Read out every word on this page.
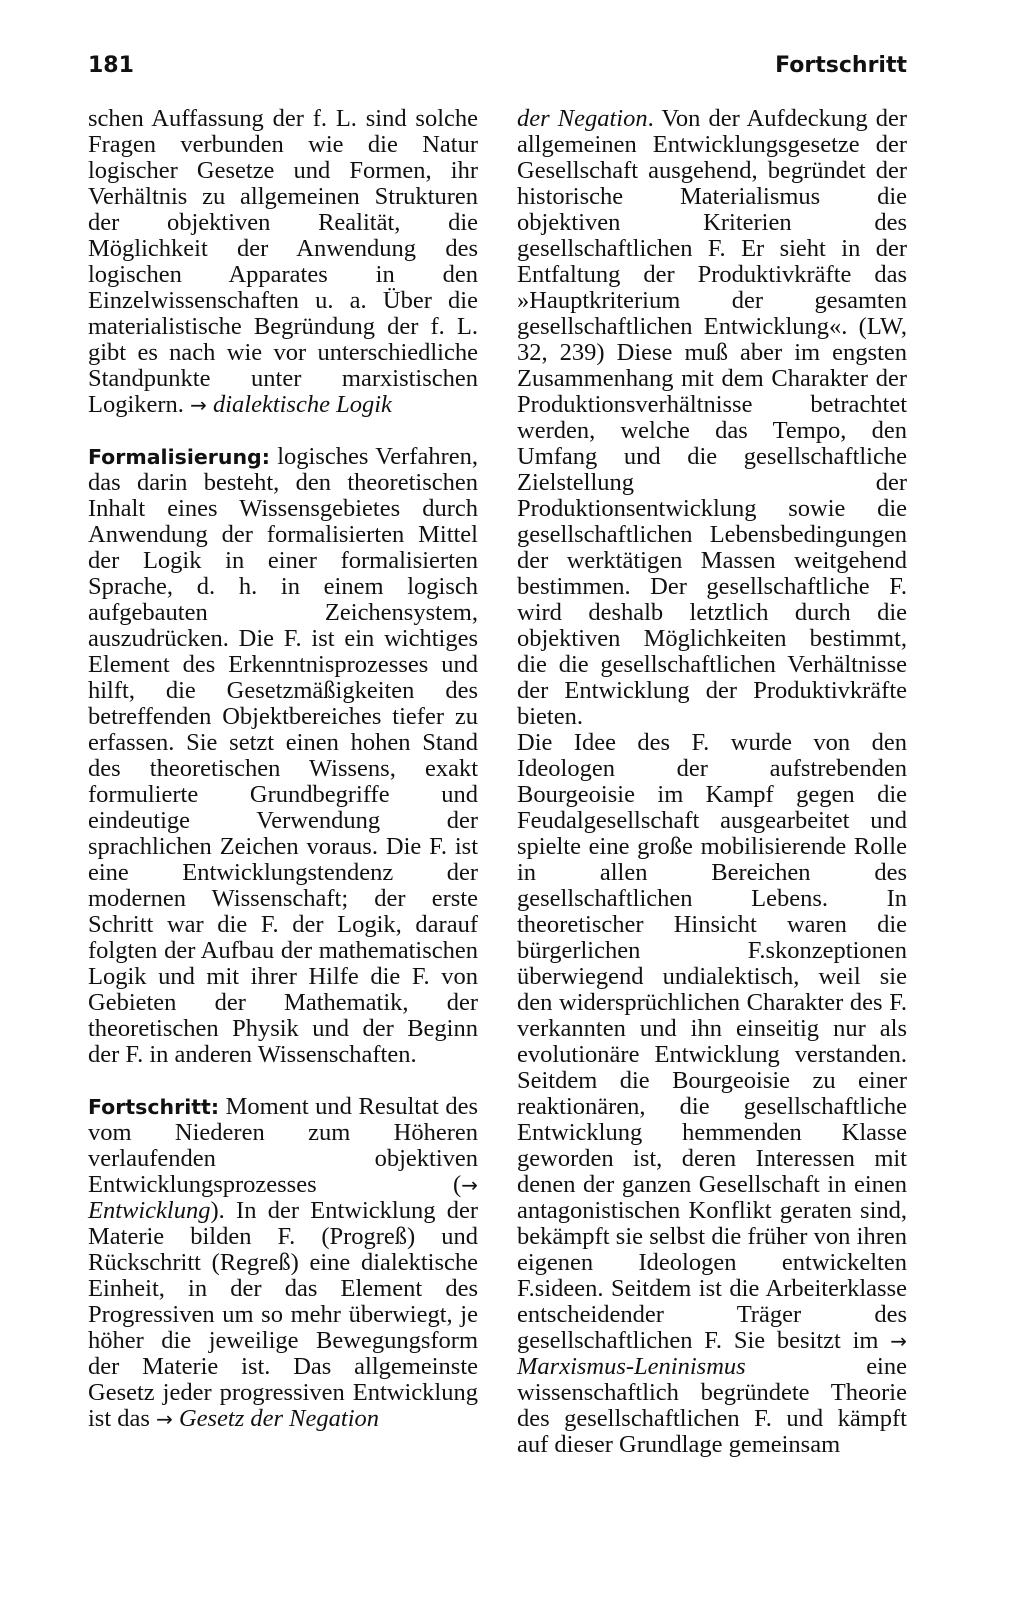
181	Fortschritt

schen Auffassung der f. L. sind solche Fragen verbunden wie die Natur logischer Gesetze und Formen, ihr Verhältnis zu allgemeinen Strukturen der objektiven Realität, die Möglichkeit der Anwendung des logischen Apparates in den Einzelwissenschaften u. a. Über die materialistische Begründung der f. L. gibt es nach wie vor unterschiedliche Standpunkte unter marxistischen Logikern. → dialektische Logik

Formalisierung: logisches Verfahren, das darin besteht, den theoretischen Inhalt eines Wissensgebietes durch Anwendung der formalisierten Mittel der Logik in einer formalisierten Sprache, d. h. in einem logisch aufgebauten Zeichensystem, auszudrücken. Die F. ist ein wichtiges Element des Erkenntnisprozesses und hilft, die Gesetzmäßigkeiten des betreffenden Objektbereiches tiefer zu erfassen. Sie setzt einen hohen Stand des theoretischen Wissens, exakt formulierte Grundbegriffe und eindeutige Verwendung der sprachlichen Zeichen voraus. Die F. ist eine Entwicklungstendenz der modernen Wissenschaft; der erste Schritt war die F. der Logik, darauf folgten der Aufbau der mathematischen Logik und mit ihrer Hilfe die F. von Gebieten der Mathematik, der theoretischen Physik und der Beginn der F. in anderen Wissenschaften.

Fortschritt: Moment und Resultat des vom Niederen zum Höheren verlaufenden objektiven Entwicklungsprozesses (→ Entwicklung). In der Entwicklung der Materie bilden F. (Progreß) und Rückschritt (Regreß) eine dialektische Einheit, in der das Element des Progressiven um so mehr überwiegt, je höher die jeweilige Bewegungsform der Materie ist. Das allgemeinste Gesetz jeder progressiven Entwicklung ist das → Gesetz der Negation

der Negation. Von der Aufdeckung der allgemeinen Entwicklungsgesetze der Gesellschaft ausgehend, begründet der historische Materialismus die objektiven Kriterien des gesellschaftlichen F. Er sieht in der Entfaltung der Produktivkräfte das »Hauptkriterium der gesamten gesellschaftlichen Entwicklung«. (LW, 32, 239) Diese muß aber im engsten Zusammenhang mit dem Charakter der Produktionsverhältnisse betrachtet werden, welche das Tempo, den Umfang und die gesellschaftliche Zielstellung der Produktionsentwicklung sowie die gesellschaftlichen Lebensbedingungen der werktätigen Massen weitgehend bestimmen. Der gesellschaftliche F. wird deshalb letztlich durch die objektiven Möglichkeiten bestimmt, die die gesellschaftlichen Verhältnisse der Entwicklung der Produktivkräfte bieten.

Die Idee des F. wurde von den Ideologen der aufstrebenden Bourgeoisie im Kampf gegen die Feudalgesellschaft ausgearbeitet und spielte eine große mobilisierende Rolle in allen Bereichen des gesellschaftlichen Lebens. In theoretischer Hinsicht waren die bürgerlichen F.skonzeptionen überwiegend undialektisch, weil sie den widersprüchlichen Charakter des F. verkannten und ihn einseitig nur als evolutionäre Entwicklung verstanden. Seitdem die Bourgeoisie zu einer reaktionären, die gesellschaftliche Entwicklung hemmenden Klasse geworden ist, deren Interessen mit denen der ganzen Gesellschaft in einen antagonistischen Konflikt geraten sind, bekämpft sie selbst die früher von ihren eigenen Ideologen entwickelten F.sideen. Seitdem ist die Arbeiterklasse entscheidender Träger des gesellschaftlichen F. Sie besitzt im → Marxismus-Leninismus eine wissenschaftlich begründete Theorie des gesellschaftlichen F. und kämpft auf dieser Grundlage gemeinsam
